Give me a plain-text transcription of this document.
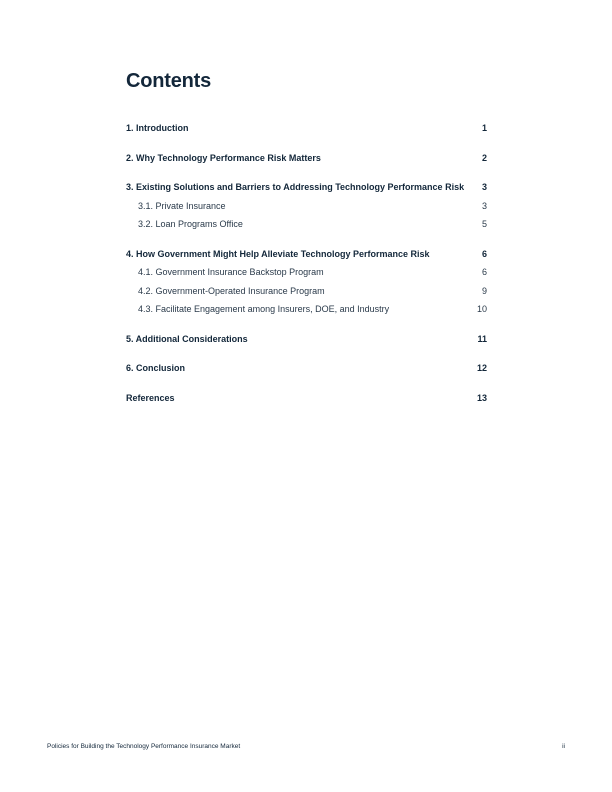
Contents
1. Introduction	1
2. Why Technology Performance Risk Matters	2
3. Existing Solutions and Barriers to Addressing Technology Performance Risk	3
3.1. Private Insurance	3
3.2. Loan Programs Office	5
4. How Government Might Help Alleviate Technology Performance Risk	6
4.1. Government Insurance Backstop Program	6
4.2. Government-Operated Insurance Program	9
4.3. Facilitate Engagement among Insurers, DOE, and Industry	10
5. Additional Considerations	11
6. Conclusion	12
References	13
Policies for Building the Technology Performance Insurance Market	ii
